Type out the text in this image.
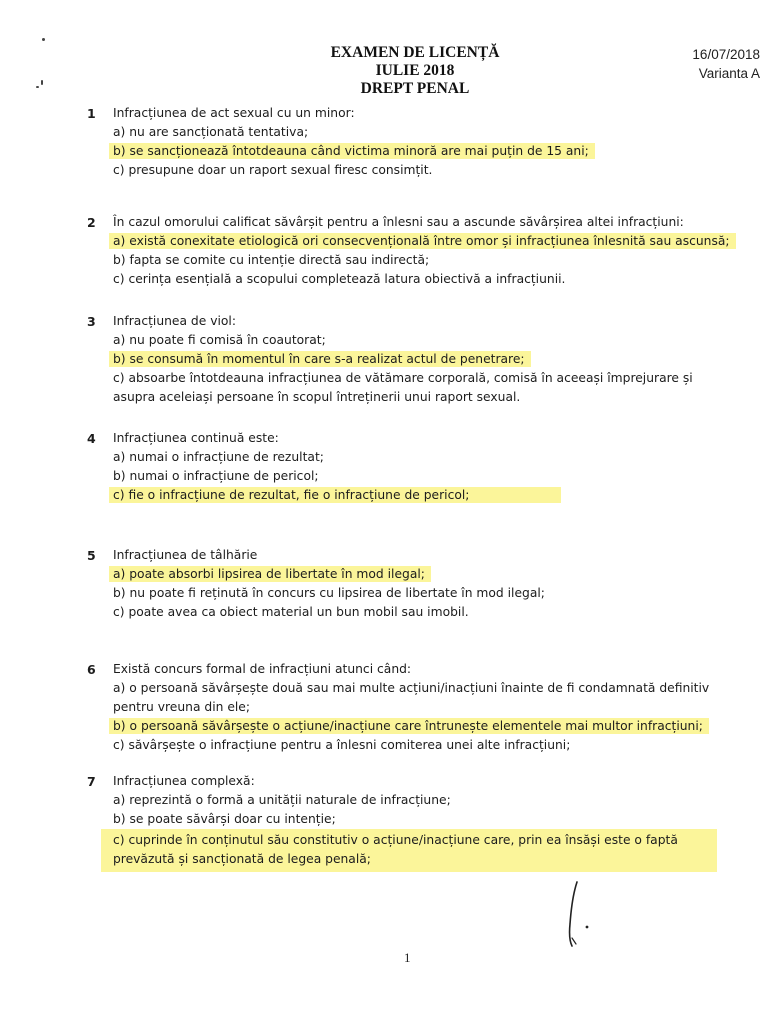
EXAMEN DE LICENȚĂ
IULIE 2018
DREPT PENAL
16/07/2018
Varianta A
1 Infracțiunea de act sexual cu un minor:
a) nu are sancționată tentativa;
b) se sancționează întotdeauna când victima minoră are mai puțin de 15 ani;
c) presupune doar un raport sexual firesc consimțit.
2 În cazul omorului calificat săvârșit pentru a înlesni sau a ascunde săvârșirea altei infracțiuni:
a) există conexitate etiologică ori consecvențională între omor și infracțiunea înlesnită sau ascunsă;
b) fapta se comite cu intenție directă sau indirectă;
c) cerința esențială a scopului completează latura obiectivă a infracțiunii.
3 Infracțiunea de viol:
a) nu poate fi comisă în coautorat;
b) se consumă în momentul în care s-a realizat actul de penetrare;
c) absoarbe întotdeauna infracțiunea de vătămare corporală, comisă în aceeași împrejurare și asupra aceleiași persoane în scopul întreținerii unui raport sexual.
4 Infracțiunea continuă este:
a) numai o infracțiune de rezultat;
b) numai o infracțiune de pericol;
c) fie o infracțiune de rezultat, fie o infracțiune de pericol;
5 Infracțiunea de tâlhărie
a) poate absorbi lipsirea de libertate în mod ilegal;
b) nu poate fi reținută în concurs cu lipsirea de libertate în mod ilegal;
c) poate avea ca obiect material un bun mobil sau imobil.
6 Există concurs formal de infracțiuni atunci când:
a) o persoană săvârșește două sau mai multe acțiuni/inacțiuni înainte de fi condamnată definitiv pentru vreuna din ele;
b) o persoană săvârșește o acțiune/inacțiune care întrunește elementele mai multor infracțiuni;
c) săvârșește o infracțiune pentru a înlesni comiterea unei alte infracțiuni;
7 Infracțiunea complexă:
a) reprezintă o formă a unității naturale de infracțiune;
b) se poate săvârși doar cu intenție;
c) cuprinde în conținutul său constitutiv o acțiune/inacțiune care, prin ea însăși este o faptă prevăzută și sancționată de legea penală;
1
